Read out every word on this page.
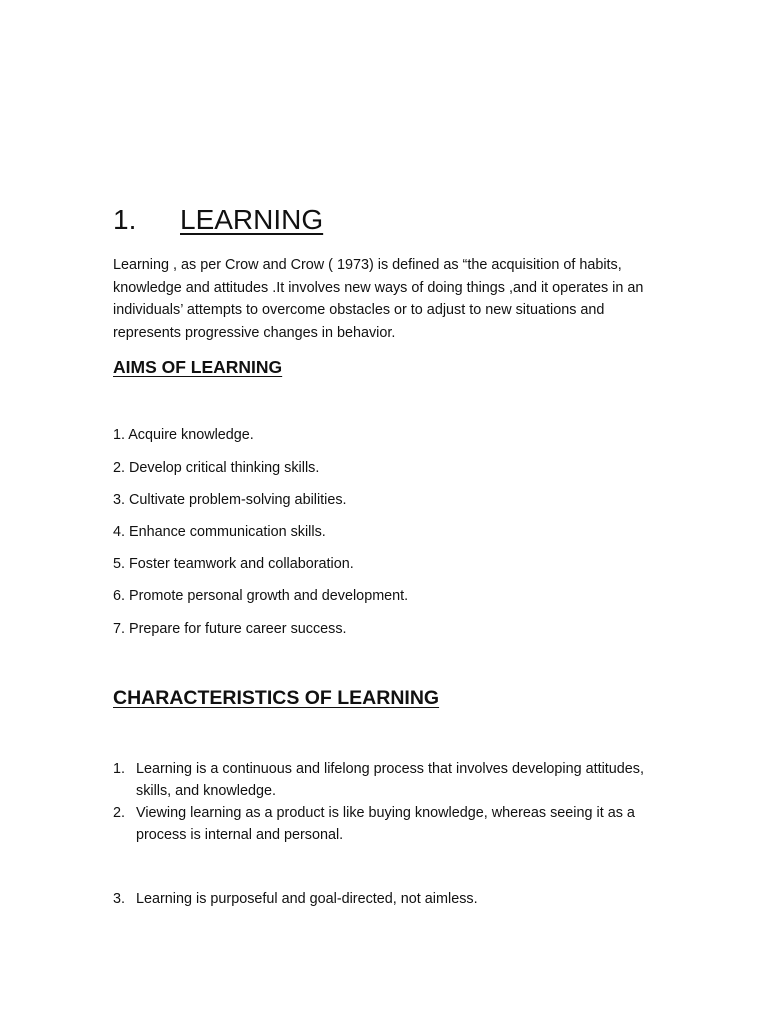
1. LEARNING

Learning , as per Crow and Crow ( 1973) is defined as “the acquisition of habits, knowledge and attitudes .It involves new ways of doing things ,and it operates in an individuals’ attempts to overcome obstacles or to adjust to new situations and represents progressive changes in behavior.

AIMS OF LEARNING
1. Acquire knowledge.
2. Develop critical thinking skills.
3. Cultivate problem-solving abilities.
4. Enhance communication skills.
5. Foster teamwork and collaboration.
6. Promote personal growth and development.
7. Prepare for future career success.
CHARACTERISTICS OF LEARNING
1. Learning is a continuous and lifelong process that involves developing attitudes, skills, and knowledge.
2. Viewing learning as a product is like buying knowledge, whereas seeing it as a process is internal and personal.
3. Learning is purposeful and goal-directed, not aimless.
